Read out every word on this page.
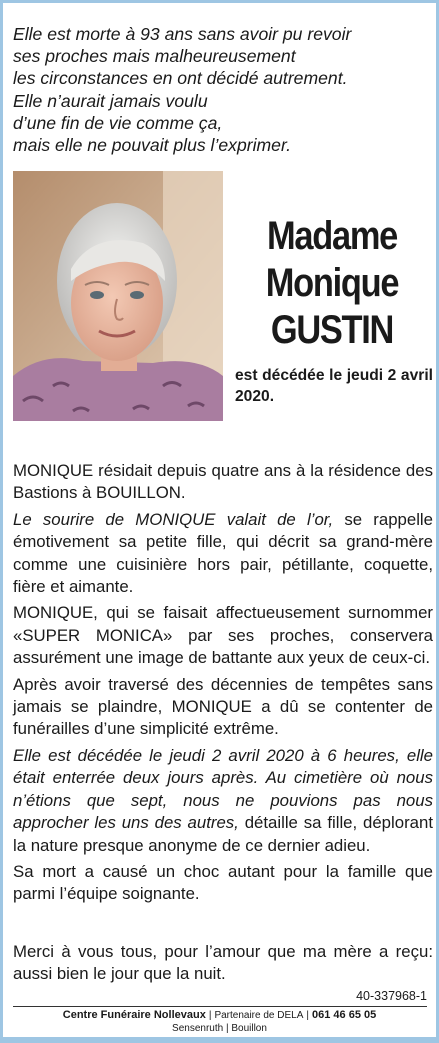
Elle est morte à 93 ans sans avoir pu revoir
ses proches mais malheureusement
les circonstances en ont décidé autrement.
Elle n’aurait jamais voulu
d’une fin de vie comme ça,
mais elle ne pouvait plus l’exprimer.
Madame
Monique
GUSTIN
est décédée le jeudi 2 avril 2020.

MONIQUE résidait depuis quatre ans à la résidence des Bastions à BOUILLON.

Le sourire de MONIQUE valait de l’or, se rappelle émotivement sa petite fille, qui décrit sa grand-mère comme une cuisinière hors pair, pétillante, coquette, fière et aimante.

MONIQUE, qui se faisait affectueusement surnommer «SUPER MONICA» par ses proches, conservera assurément une image de battante aux yeux de ceux-ci.

Après avoir traversé des décennies de tempêtes sans jamais se plaindre, MONIQUE a dû se contenter de funérailles d’une simplicité extrême.

Elle est décédée le jeudi 2 avril 2020 à 6 heures, elle était enterrée deux jours après. Au cimetière où nous n’étions que sept, nous ne pouvions pas nous approcher les uns des autres, détaille sa fille, déplorant la nature presque anonyme de ce dernier adieu.

Sa mort a causé un choc autant pour la famille que parmi l’équipe soignante.

Merci à vous tous, pour l’amour que ma mère a reçu: aussi bien le jour que la nuit.

40-337968-1
Centre Funéraire Nollevaux | Partenaire de DELA | 061 46 65 05
Sensenruth | Bouillon
